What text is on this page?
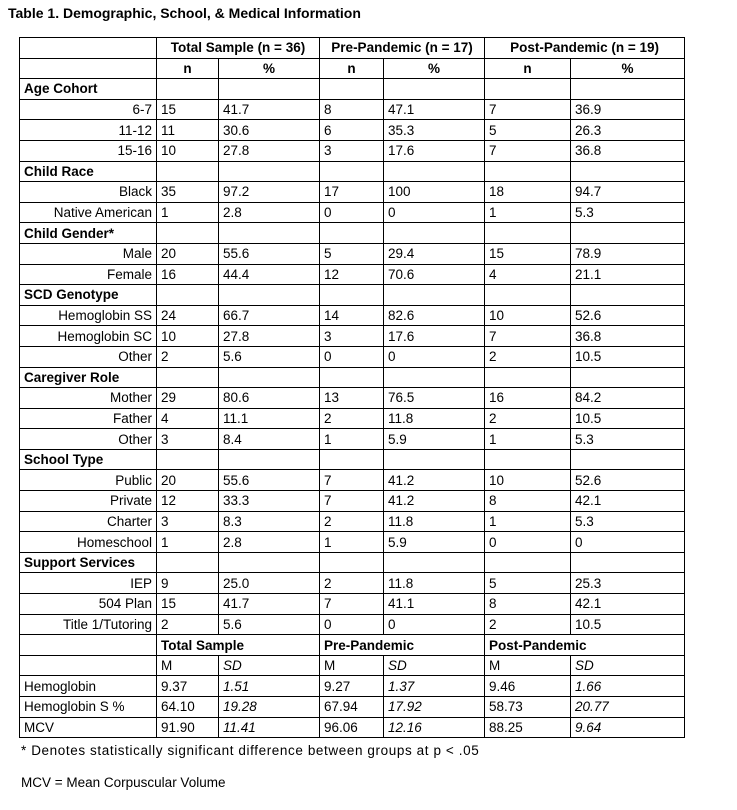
Table 1. Demographic, School, & Medical Information
	Total Sample (n = 36)		Pre-Pandemic (n = 17)		Post-Pandemic (n = 19)	
	n	%	n	%	n	%
Age Cohort						
6-7	15	41.7	8	47.1	7	36.9
11-12	11	30.6	6	35.3	5	26.3
15-16	10	27.8	3	17.6	7	36.8
Child Race						
Black	35	97.2	17	100	18	94.7
Native American	1	2.8	0	0	1	5.3
Child Gender*						
Male	20	55.6	5	29.4	15	78.9
Female	16	44.4	12	70.6	4	21.1
SCD Genotype						
Hemoglobin SS	24	66.7	14	82.6	10	52.6
Hemoglobin SC	10	27.8	3	17.6	7	36.8
Other	2	5.6	0	0	2	10.5
Caregiver Role						
Mother	29	80.6	13	76.5	16	84.2
Father	4	11.1	2	11.8	2	10.5
Other	3	8.4	1	5.9	1	5.3
School Type						
Public	20	55.6	7	41.2	10	52.6
Private	12	33.3	7	41.2	8	42.1
Charter	3	8.3	2	11.8	1	5.3
Homeschool	1	2.8	1	5.9	0	0
Support Services						
IEP	9	25.0	2	11.8	5	25.3
504 Plan	15	41.7	7	41.1	8	42.1
Title 1/Tutoring	2	5.6	0	0	2	10.5
	Total Sample		Pre-Pandemic		Post-Pandemic	
	M	SD	M	SD	M	SD
Hemoglobin	9.37	1.51	9.27	1.37	9.46	1.66
Hemoglobin S %	64.10	19.28	67.94	17.92	58.73	20.77
MCV	91.90	11.41	96.06	12.16	88.25	9.64
* Denotes statistically significant difference between groups at p < .05
MCV = Mean Corpuscular Volume
